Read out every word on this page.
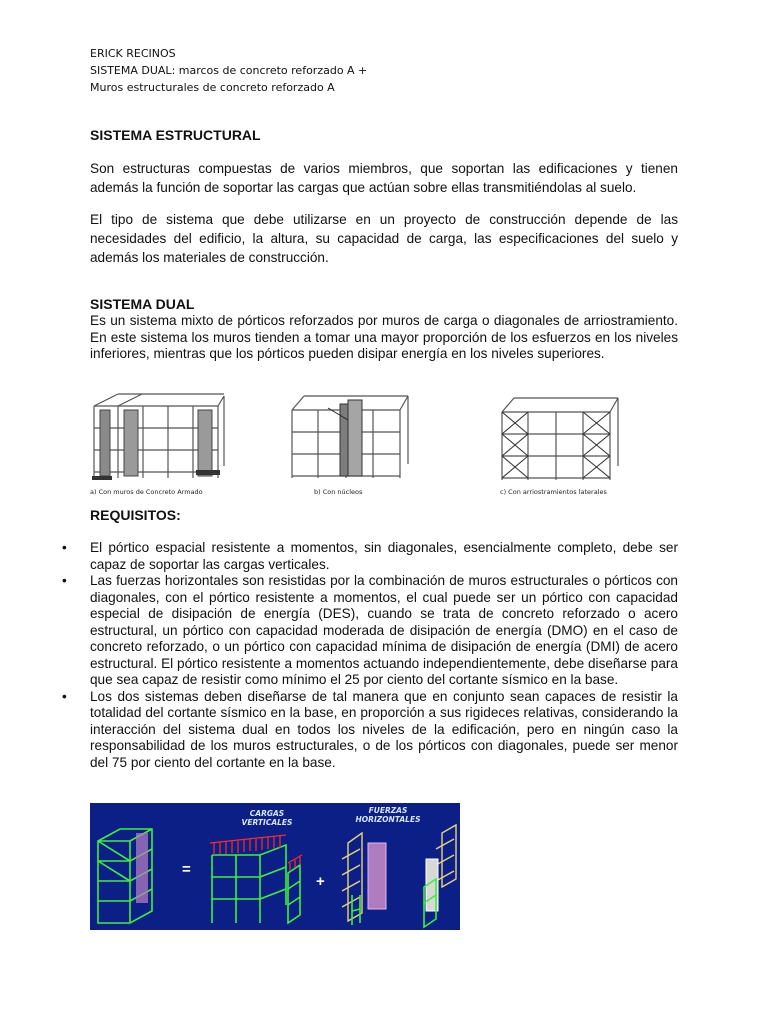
ERICK RECINOS
SISTEMA DUAL: marcos de concreto reforzado A +
Muros estructurales de concreto reforzado A
SISTEMA ESTRUCTURAL

Son estructuras compuestas de varios miembros, que soportan las edificaciones y tienen además la función de soportar las cargas que actúan sobre ellas transmitiéndolas al suelo.

El tipo de sistema que debe utilizarse en un proyecto de construcción depende de las necesidades del edificio, la altura, su capacidad de carga, las especificaciones del suelo y además los materiales de construcción.

SISTEMA DUAL

Es un sistema mixto de pórticos reforzados por muros de carga o diagonales de arriostramiento. En este sistema los muros tienden a tomar una mayor proporción de los esfuerzos en los niveles inferiores, mientras que los pórticos pueden disipar energía en los niveles superiores.

a) Con muros de Concreto Armado	b) Con núcleos	c) Con arriostramientos laterales
REQUISITOS:
• El pórtico espacial resistente a momentos, sin diagonales, esencialmente completo, debe ser capaz de soportar las cargas verticales.
• Las fuerzas horizontales son resistidas por la combinación de muros estructurales o pórticos con diagonales, con el pórtico resistente a momentos, el cual puede ser un pórtico con capacidad especial de disipación de energía (DES), cuando se trata de concreto reforzado o acero estructural, un pórtico con capacidad moderada de disipación de energía (DMO) en el caso de concreto reforzado, o un pórtico con capacidad mínima de disipación de energía (DMI) de acero estructural. El pórtico resistente a momentos actuando independientemente, debe diseñarse para que sea capaz de resistir como mínimo el 25 por ciento del cortante sísmico en la base.
• Los dos sistemas deben diseñarse de tal manera que en conjunto sean capaces de resistir la totalidad del cortante sísmico en la base, en proporción a sus rigideces relativas, considerando la interacción del sistema dual en todos los niveles de la edificación, pero en ningún caso la responsabilidad de los muros estructurales, o de los pórticos con diagonales, puede ser menor del 75 por ciento del cortante en la base.
CARGAS
VERTICALES
FUERZAS
HORIZONTALES
=
+
